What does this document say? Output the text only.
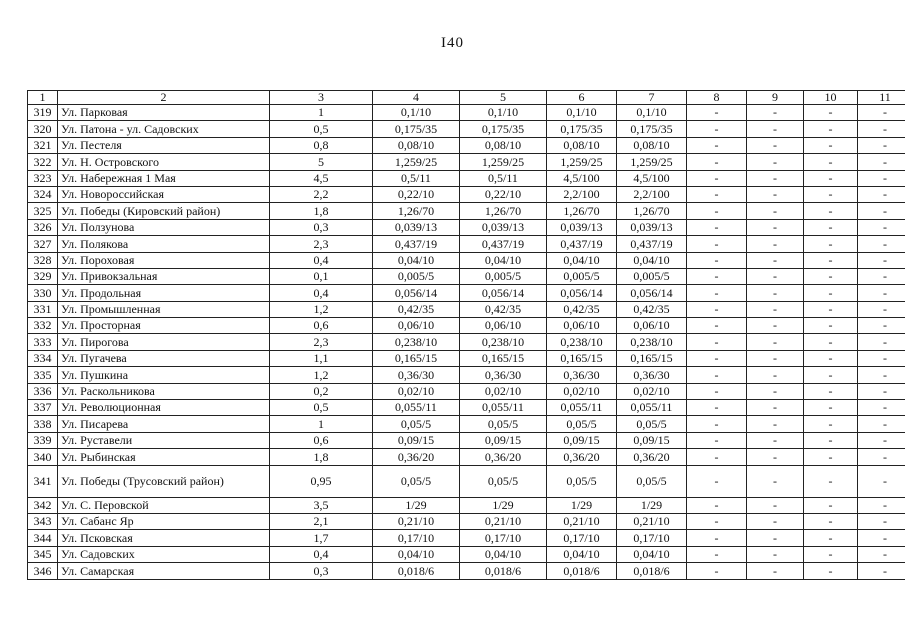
I40
1	2	3	4	5	6	7	8	9	10	11
319	Ул. Парковая	1	0,1/10	0,1/10	0,1/10	0,1/10	-	-	-	-
320	Ул. Патона - ул. Садовских	0,5	0,175/35	0,175/35	0,175/35	0,175/35	-	-	-	-
321	Ул. Пестеля	0,8	0,08/10	0,08/10	0,08/10	0,08/10	-	-	-	-
322	Ул. Н. Островского	5	1,259/25	1,259/25	1,259/25	1,259/25	-	-	-	-
323	Ул. Набережная 1 Мая	4,5	0,5/11	0,5/11	4,5/100	4,5/100	-	-	-	-
324	Ул. Новороссийская	2,2	0,22/10	0,22/10	2,2/100	2,2/100	-	-	-	-
325	Ул. Победы (Кировский район)	1,8	1,26/70	1,26/70	1,26/70	1,26/70	-	-	-	-
326	Ул. Ползунова	0,3	0,039/13	0,039/13	0,039/13	0,039/13	-	-	-	-
327	Ул. Полякова	2,3	0,437/19	0,437/19	0,437/19	0,437/19	-	-	-	-
328	Ул. Пороховая	0,4	0,04/10	0,04/10	0,04/10	0,04/10	-	-	-	-
329	Ул. Привокзальная	0,1	0,005/5	0,005/5	0,005/5	0,005/5	-	-	-	-
330	Ул. Продольная	0,4	0,056/14	0,056/14	0,056/14	0,056/14	-	-	-	-
331	Ул. Промышленная	1,2	0,42/35	0,42/35	0,42/35	0,42/35	-	-	-	-
332	Ул. Просторная	0,6	0,06/10	0,06/10	0,06/10	0,06/10	-	-	-	-
333	Ул. Пирогова	2,3	0,238/10	0,238/10	0,238/10	0,238/10	-	-	-	-
334	Ул. Пугачева	1,1	0,165/15	0,165/15	0,165/15	0,165/15	-	-	-	-
335	Ул. Пушкина	1,2	0,36/30	0,36/30	0,36/30	0,36/30	-	-	-	-
336	Ул. Раскольникова	0,2	0,02/10	0,02/10	0,02/10	0,02/10	-	-	-	-
337	Ул. Революционная	0,5	0,055/11	0,055/11	0,055/11	0,055/11	-	-	-	-
338	Ул. Писарева	1	0,05/5	0,05/5	0,05/5	0,05/5	-	-	-	-
339	Ул. Руставели	0,6	0,09/15	0,09/15	0,09/15	0,09/15	-	-	-	-
340	Ул. Рыбинская	1,8	0,36/20	0,36/20	0,36/20	0,36/20	-	-	-	-
341	Ул. Победы (Трусовский район)	0,95	0,05/5	0,05/5	0,05/5	0,05/5	-	-	-	-
342	Ул. С. Перовской	3,5	1/29	1/29	1/29	1/29	-	-	-	-
343	Ул. Сабанс Яр	2,1	0,21/10	0,21/10	0,21/10	0,21/10	-	-	-	-
344	Ул. Псковская	1,7	0,17/10	0,17/10	0,17/10	0,17/10	-	-	-	-
345	Ул. Садовских	0,4	0,04/10	0,04/10	0,04/10	0,04/10	-	-	-	-
346	Ул. Самарская	0,3	0,018/6	0,018/6	0,018/6	0,018/6	-	-	-	-
